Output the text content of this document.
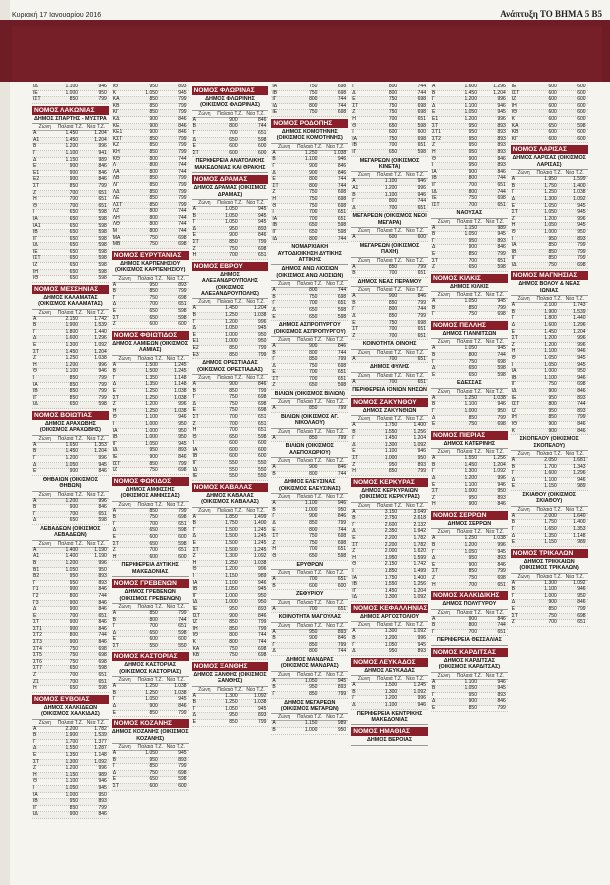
Κυριακή 17 Ιανουαρίου 2016	Ανάπτυξη ΤΟ ΒΗΜΑ 5 B5
ΙΔ	1.100	946
ΙΕ	1.000	950
ΙΣΤ	850	799
ΝΟΜΟΣ ΛΑΚΩΝΙΑΣ
ΔΗΜΟΣ ΣΠΑΡΤΗΣ - ΜΥΣΤΡΑ
Ζώνη	Παλαιά Τ.Ζ. Νέα Τ.Ζ.
Α	1.450	1.204
Α1	1.450	1.204
Β	1.200	996
Γ	1.100	941
Δ	1.150	989
Ε	900	846
Ε1	900	846
Ε2	900	846
ΣΤ	850	799
Ζ	700	651
Η	700	651
Θ	700	651
Ι	650	598
ΙΑ	650	598
ΙΑ1	650	598
ΙΒ	650	598
ΙΓ	650	598
ΙΔ	650	598
ΙΕ	650	598
ΙΣΤ	650	598
ΙΖ	650	598
ΙΗ	650	598
ΙΘ	650	598
ΝΟΜΟΣ ΜΕΣΣΗΝΙΑΣ
ΔΗΜΟΣ ΚΑΛΑΜΑΤΑΣ (ΟΙΚΙΣΜΟΣ ΚΑΛΑΜΑΤΑΣ)
Ζώνη	Παλαιά Τ.Ζ. Νέα Τ.Ζ.
Α	2.150	1.742
Β	1.900	1.539
Γ	1.800	1.440
Δ	1.600	1.296
Ε	1.300	1.092
ΣΤ	1.450	1.204
Ζ	1.250	1.038
Η	1.200	996
Θ	1.100	946
Ι	850	799
ΙΑ	850	799
ΙΒ	850	799
ΙΓ	850	799
ΙΔ	650	598
ΝΟΜΟΣ ΒΟΙΩΤΙΑΣ
ΔΗΜΟΣ ΑΡΑΧΩΒΗΣ (ΟΙΚΙΣΜΟΣ ΑΡΑΧΩΒΗΣ)
Ζώνη	Παλαιά Τ.Ζ. Νέα Τ.Ζ.
Α	1.650	1.353
Β	1.450	1.204
Γ	1.200	996
Δ	1.050	945
Ε	900	846
ΘΗΒΑΙΩΝ (ΟΙΚΙΣΜΟΣ ΘΗΒΩΝ)
Ζώνη	Παλαιά Τ.Ζ. Νέα Τ.Ζ.
Α	1.200	996
Β	900	846
Γ	700	651
Δ	650	598
ΛΕΒΑΔΕΩΝ (ΟΙΚΙΣΜΟΣ ΛΕΒΑΔΕΩΝ)
Ζώνη	Παλαιά Τ.Ζ. Νέα Τ.Ζ.
Α	1.400	1.190
Α1	1.400	1.190
Β	1.200	996
Β1	1.050	950
Β2	950	893
Γ	950	893
Γ1	900	846
Γ2	800	744
Γ3	900	846
Δ	900	846
Ε	700	651
ΣΤ	900	846
ΣΤ1	900	846
ΣΤ2	800	744
ΣΤ3	900	846
ΣΤ4	750	698
ΣΤ5	750	698
ΣΤ6	750	698
ΣΤ7	650	598
Ζ	700	651
Ζ1	700	651
Η	650	598
ΝΟΜΟΣ ΕΥΒΟΙΑΣ
ΔΗΜΟΣ ΧΑΛΚΙΔΕΩΝ (ΟΙΚΙΣΜΟΣ ΧΑΛΚΙΔΑΣ)
Ζώνη	Παλαιά Τ.Ζ. Νέα Τ.Ζ.
Α	2.200	1.782
Β	1.900	1.539
Γ	1.700	1.377
Δ	1.550	1.287
Ε	1.350	1.148
ΣΤ	1.300	1.092
Ζ	1.200	996
Η	1.150	989
Θ	1.100	946
Ι	1.050	945
ΙΑ	1.000	950
ΙΒ	950	893
ΙΓ	850	799
ΙΔ	900	846
ΙΘ	950	893
Κ	1.050	945
ΚΑ	850	799
ΚΒ	850	799
ΚΓ	850	799
ΚΔ	900	846
ΚΕ	900	846
ΚΕ1	900	846
ΚΣΤ	850	799
ΚΖ	850	799
ΚΗ	850	799
ΚΘ	800	744
Λ	800	744
ΛΑ	800	744
ΛΒ	850	799
ΛΓ	850	799
ΛΔ	850	799
ΛΕ	850	799
ΛΣΤ	850	799
ΛΖ	800	744
ΛΗ	800	744
ΛΘ	800	744
Μ	800	744
ΜΑ	750	698
ΜΒ	750	698
ΝΟΜΟΣ ΕΥΡΥΤΑΝΙΑΣ
ΔΗΜΟΣ ΚΑΡΠΕΝΗΣΙΟΥ (ΟΙΚΙΣΜΟΣ ΚΑΡΠΕΝΗΣΙΟΥ)
Ζώνη	Παλαιά Τ.Ζ. Νέα Τ.Ζ.
Α	950	893
Β	850	799
Γ	750	698
Δ	700	651
Ε	650	598
ΣΤ	650	598
Ζ	600	600
ΝΟΜΟΣ ΦΘΙΩΤΙΔΟΣ
ΔΗΜΟΣ ΛΑΜΙΕΩΝ (ΟΙΚΙΣΜΟΣ ΛΑΜΙΑΣ)
Ζώνη	Παλαιά Τ.Ζ. Νέα Τ.Ζ.
Α	1.500	1.245
Β	1.500	1.245
Γ	1.350	1.148
Δ	1.350	1.148
Ε	1.250	1.038
ΣΤ	1.250	1.038
Ζ	1.200	996
Η	1.250	1.038
Θ	1.100	946
Ι	1.000	950
ΙΑ	1.000	950
ΙΒ	1.000	950
ΙΓ	1.050	945
ΙΔ	950	893
ΙΕ	900	846
ΙΣΤ	850	799
ΙΖ	750	698
ΝΟΜΟΣ ΦΩΚΙΔΟΣ
ΔΗΜΟΣ ΑΜΦΙΣΣΗΣ (ΟΙΚΙΣΜΟΣ ΑΜΦΙΣΣΑΣ)
Ζώνη	Παλαιά Τ.Ζ. Νέα Τ.Ζ.
Α	850	799
Β	750	698
Γ	700	651
Δ	650	598
Ε	600	600
ΣΤ	650	598
Ζ	700	651
Η	600	600
ΠΕΡΙΦΕΡΕΙΑ ΔΥΤΙΚΗΣ ΜΑΚΕΔΟΝΙΑΣ
ΝΟΜΟΣ ΓΡΕΒΕΝΩΝ
ΔΗΜΟΣ ΓΡΕΒΕΝΩΝ (ΟΙΚΙΣΜΟΣ ΓΡΕΒΕΝΩΝ)
Ζώνη	Παλαιά Τ.Ζ. Νέα Τ.Ζ.
Α	850	799
Β	800	744
Γ	700	651
Δ	650	598
Ε	600	600
ΣΤ	550	550
ΝΟΜΟΣ ΚΑΣΤΟΡΙΑΣ
ΔΗΜΟΣ ΚΑΣΤΟΡΙΑΣ (ΟΙΚΙΣΜΟΣ ΚΑΣΤΟΡΙΑΣ)
Ζώνη	Παλαιά Τ.Ζ. Νέα Τ.Ζ.
Α	1.250	1.038
Β	1.250	1.038
Γ	1.050	945
Δ	900	846
Ε	850	799
ΝΟΜΟΣ ΚΟΖΑΝΗΣ
ΔΗΜΟΣ ΚΟΖΑΝΗΣ (ΟΙΚΙΣΜΟΣ ΚΟΖΑΝΗΣ)
Ζώνη	Παλαιά Τ.Ζ. Νέα Τ.Ζ.
Α	1.050	945
Β	950	893
Γ	850	799
Δ	750	698
Ε	650	598
ΣΤ	600	600
ΝΟΜΟΣ ΦΛΩΡΙΝΑΣ
ΔΗΜΟΣ ΦΛΩΡΙΝΗΣ (ΟΙΚΙΣΜΟΣ ΦΛΩΡΙΝΑΣ)
Ζώνη	Παλαιά Τ.Ζ. Νέα Τ.Ζ.
Α	900	846
Β	800	744
Γ	700	651
Δ	650	598
Ε	600	600
ΣΤ	600	600
ΠΕΡΙΦΕΡΕΙΑ ΑΝΑΤΟΛΙΚΗΣ ΜΑΚΕΔΟΝΙΑΣ ΚΑΙ ΘΡΑΚΗΣ
ΝΟΜΟΣ ΔΡΑΜΑΣ
ΔΗΜΟΣ ΔΡΑΜΑΣ (ΟΙΚΙΣΜΟΣ ΔΡΑΜΑΣ)
Ζώνη	Παλαιά Τ.Ζ. Νέα Τ.Ζ.
Α	1.050	945
Β	1.050	945
Γ	1.050	945
Δ	950	893
Ε	900	846
ΣΤ	850	799
Ζ	750	698
Η	700	651
ΝΟΜΟΣ ΕΒΡΟΥ
ΔΗΜΟΣ ΑΛΕΞΑΝΔΡΟΥΠΟΛΗΣ (ΟΙΚΙΣΜΟΣ ΑΛΕΞΑΝΔΡΟΥΠΟΛΗΣ)
Ζώνη	Παλαιά Τ.Ζ. Νέα Τ.Ζ.
Α	1.450	1.204
Β	1.250	1.038
Γ	1.200	996
Δ	1.050	945
Ε	1.000	950
Ε1	1.000	950
Ε2	850	799
Ε3	850	799
ΔΗΜΟΣ ΟΡΕΣΤΙΑΔΑΣ (ΟΙΚΙΣΜΟΣ ΟΡΕΣΤΙΑΔΑΣ)
Ζώνη	Παλαιά Τ.Ζ. Νέα Τ.Ζ.
Α	900	846
Β	850	799
Γ	750	698
Δ	750	698
Ε	750	698
ΣΤ	700	651
Ζ	700	651
Η	700	651
Θ	650	598
Ι	600	600
ΙΑ	600	600
ΙΒ	600	600
ΙΓ	550	550
ΙΔ	550	550
ΙΕ	550	550
ΝΟΜΟΣ ΚΑΒΑΛΑΣ
ΔΗΜΟΣ ΚΑΒΑΛΑΣ (ΟΙΚΙΣΜΟΣ ΚΑΒΑΛΑΣ)
Ζώνη	Παλαιά Τ.Ζ. Νέα Τ.Ζ.
Α	1.850	1.499
Β	1.750	1.400
Γ	1.500	1.245
Δ	1.500	1.245
Ε	1.500	1.245
ΣΤ	1.500	1.245
Ζ	1.300	1.092
Η	1.250	1.038
Θ	1.200	996
Ι	1.150	989
ΙΑ	1.100	946
ΙΒ	1.050	945
ΙΓ	1.000	950
ΙΔ	1.000	950
ΙΕ	950	893
ΙΣΤ	900	846
ΙΖ	850	799
ΙΗ	850	799
ΙΘ	800	744
Κ	800	744
ΚΑ	750	698
ΚΒ	750	698
ΝΟΜΟΣ ΞΑΝΘΗΣ
ΔΗΜΟΣ ΞΑΝΘΗΣ (ΟΙΚΙΣΜΟΣ ΞΑΝΘΗΣ)
Ζώνη	Παλαιά Τ.Ζ. Νέα Τ.Ζ.
Α	1.300	1.092
Β	1.250	1.038
Γ	1.050	945
Δ	950	893
Ε	850	799
ΙΑ	750	698
ΙΒ	750	698
ΙΓ	800	744
ΙΔ	800	744
ΙΕ	750	698
ΝΟΜΟΣ ΡΟΔΟΠΗΣ
ΔΗΜΟΣ ΚΟΜΟΤΗΝΗΣ (ΟΙΚΙΣΜΟΣ ΚΟΜΟΤΗΝΗΣ)
Ζώνη	Παλαιά Τ.Ζ. Νέα Τ.Ζ.
Α	1.250	1.038
Β	1.100	946
Γ	900	846
Δ	900	846
Ε	800	744
ΣΤ	800	744
Ζ	750	698
Η	750	698
Θ	750	698
Ι	700	651
ΙΑ	700	651
ΙΒ	650	598
ΙΓ	650	598
ΙΔ	800	744
ΝΟΜΑΡΧΙΑΚΗ ΑΥΤΟΔΙΟΙΚΗΣΗ ΔΥΤΙΚΗΣ ΑΤΤΙΚΗΣ
ΔΗΜΟΣ ΑΝΩ ΛΙΟΣΙΩΝ (ΟΙΚΙΣΜΟΣ ΑΝΩ ΛΙΟΣΙΩΝ)
Ζώνη	Παλαιά Τ.Ζ. Νέα Τ.Ζ.
Α	800	744
Β	750	698
Γ	700	651
Δ	650	598
Ε	650	598
ΔΗΜΟΣ ΑΣΠΡΟΠΥΡΓΟΥ (ΟΙΚΙΣΜΟΣ ΑΣΠΡΟΠΥΡΓΟΥ)
Ζώνη	Παλαιά Τ.Ζ. Νέα Τ.Ζ.
Α	900	846
Β	800	744
Γ	850	799
Δ	750	698
Ε	700	651
ΣΤ	700	651
Ζ	650	598
ΒΙΛΙΩΝ (ΟΙΚΙΣΜΟΣ ΒΙΛΙΩΝ)
Ζώνη	Παλαιά Τ.Ζ. Νέα Τ.Ζ.
Α	850	799
ΒΙΛΙΩΝ (ΟΙΚΙΣΜΟΣ ΑΓ. ΝΙΚΟΛΑΟΥ)
Ζώνη	Παλαιά Τ.Ζ. Νέα Τ.Ζ.
Α	850	799
ΒΙΛΙΩΝ (ΟΙΚΙΣΜΟΣ ΑΛΕΠΟΧΩΡΙΟΥ)
Ζώνη	Παλαιά Τ.Ζ. Νέα Τ.Ζ.
Α	900	846
Β	800	744
ΔΗΜΟΣ ΕΛΕΥΣΙΝΑΣ (ΟΙΚΙΣΜΟΣ ΕΛΕΥΣΙΝΑΣ)
Ζώνη	Παλαιά Τ.Ζ. Νέα Τ.Ζ.
Α	1.100	946
Β	1.000	950
Γ	900	846
Δ	850	799
Ε	800	744
ΣΤ	750	698
Ζ	750	698
Η	700	651
Θ	650	598
ΕΡΥΘΡΩΝ
Ζώνη	Παλαιά Τ.Ζ. Νέα Τ.Ζ.
Α	700	651
Β	600	600
ΖΕΦΥΡΙΟΥ
Ζώνη	Παλαιά Τ.Ζ. Νέα Τ.Ζ.
Α	700	651
ΚΟΙΝΟΤΗΤΑ ΜΑΓΟΥΛΑΣ
Ζώνη	Παλαιά Τ.Ζ. Νέα Τ.Ζ.
Α	950	893
Β	900	846
Γ	850	799
Δ	800	744
ΔΗΜΟΣ ΜΑΝΔΡΑΣ (ΟΙΚΙΣΜΟΣ ΜΑΝΔΡΑΣ)
Ζώνη	Παλαιά Τ.Ζ. Νέα Τ.Ζ.
Α	1.050	945
Β	950	893
Γ	850	799
ΔΗΜΟΣ ΜΕΓΑΡΕΩΝ (ΟΙΚΙΣΜΟΣ ΜΕΓΑΡΩΝ)
Ζώνη	Παλαιά Τ.Ζ. Νέα Τ.Ζ.
Α	1.150	989
Β	1.000	950
Γ	800	744
Δ	800	744
Ε	750	698
ΣΤ	750	698
Ζ	750	698
Η	700	651
Θ	650	598
Ι	600	600
ΙΑ	750	698
ΙΒ	700	651
ΙΓ	650	598
ΜΕΓΑΡΕΩΝ (ΟΙΚΙΣΜΟΣ ΚΙΝΕΤΑ)
Ζώνη	Παλαιά Τ.Ζ. Νέα Τ.Ζ.
Α	1.100	946
Α1	1.200	996
Β	1.100	946
Γ	800	744
Δ	700	651
ΜΕΓΑΡΕΩΝ (ΟΙΚΙΣΜΟΣ ΝΕΟΙ ΜΕΓΑΡΑ)
Ζώνη	Παλαιά Τ.Ζ. Νέα Τ.Ζ.
Α	600	600
ΜΕΓΑΡΕΩΝ (ΟΙΚΙΣΜΟΣ ΠΑΧΗ)
Ζώνη	Παλαιά Τ.Ζ. Νέα Τ.Ζ.
Α	850	799
Β	700	651
ΔΗΜΟΣ ΝΕΑΣ ΠΕΡΑΜΟΥ
Ζώνη	Παλαιά Τ.Ζ. Νέα Τ.Ζ.
Α	900	846
Β	850	799
Γ	800	744
Δ	850	799
Ε	750	698
ΣΤ	700	651
Ζ	700	651
ΚΟΙΝΟΤΗΤΑ ΟΙΝΟΗΣ
Ζώνη	Παλαιά Τ.Ζ. Νέα Τ.Ζ.
Α	700	651
ΔΗΜΟΣ ΦΥΛΗΣ
Ζώνη	Παλαιά Τ.Ζ. Νέα Τ.Ζ.
Α	700	651
ΠΕΡΙΦΕΡΕΙΑ ΙΟΝΙΩΝ ΝΗΣΩΝ
ΝΟΜΟΣ ΖΑΚΥΝΘΟΥ
ΔΗΜΟΣ ΖΑΚΥΝΘΙΩΝ
Ζώνη	Παλαιά Τ.Ζ. Νέα Τ.Ζ.
Α	1.750	1.400
Β	1.550	1.256
Γ	1.450	1.204
Δ	1.300	1.092
Ε	1.100	946
ΣΤ	1.000	950
Ζ	950	893
Η	850	799
ΝΟΜΟΣ ΚΕΡΚΥΡΑΣ
ΔΗΜΟΣ ΚΕΡΚΥΡΑΙΩΝ (ΟΙΚΙΣΜΟΣ ΚΕΡΚΥΡΑΣ)
Ζώνη	Παλαιά Τ.Ζ. Νέα Τ.Ζ.
Α	3.150	3.049
Β	2.750	2.618
Γ	2.600	2.132
Δ	2.350	1.942
Ε	2.200	1.782
ΣΤ	2.200	1.782
Ζ	2.000	1.620
Η	1.950	1.599
Θ	2.150	1.742
Ι	1.850	1.499
ΙΑ	1.750	1.400
ΙΒ	1.550	1.256
ΙΓ	1.450	1.204
ΙΔ	1.300	1.092
ΝΟΜΟΣ ΚΕΦΑΛΛΗΝΙΑΣ
ΔΗΜΟΣ ΑΡΓΟΣΤΟΛΙΟΥ
Ζώνη	Παλαιά Τ.Ζ. Νέα Τ.Ζ.
Α	1.300	1.092
Β	1.200	996
Γ	1.050	945
Δ	950	893
ΝΟΜΟΣ ΛΕΥΚΑΔΟΣ
ΔΗΜΟΣ ΛΕΥΚΑΔΑΣ
Ζώνη	Παλαιά Τ.Ζ. Νέα Τ.Ζ.
Α	1.500	1.245
Β	1.300	1.092
Γ	1.200	996
Δ	1.100	946
ΠΕΡΙΦΕΡΕΙΑ ΚΕΝΤΡΙΚΗΣ ΜΑΚΕΔΟΝΙΑΣ
ΝΟΜΟΣ ΗΜΑΘΙΑΣ
ΔΗΜΟΣ ΒΕΡΟΙΑΣ
Α	1.600	1.296
Β	1.450	1.204
Γ	1.200	996
Δ	1.100	946
Ε	1.050	945
Ε1	1.200	996
ΣΤ	950	893
ΣΤ1	950	893
ΣΤ2	950	893
Ζ	950	893
Η	950	893
Θ	900	846
Ι	950	893
ΙΑ	900	846
ΙΒ	800	744
ΙΓ	700	651
ΙΔ	800	744
ΙΕ	750	698
ΙΣΤ	700	651
ΝΑΟΥΣΑΣ
Ζώνη	Παλαιά Τ.Ζ. Νέα Τ.Ζ.
Α	1.150	989
Β	1.050	945
Γ	950	893
Δ	900	846
Ε	850	799
ΣΤ	700	651
Ζ	650	598
ΝΟΜΟΣ ΚΙΛΚΙΣ
ΔΗΜΟΣ ΚΙΛΚΙΣ
Ζώνη	Παλαιά Τ.Ζ. Νέα Τ.Ζ.
Α	1.050	945
Β	850	799
Γ	750	698
ΝΟΜΟΣ ΠΕΛΛΗΣ
ΔΗΜΟΣ ΓΙΑΝΝΙΤΣΩΝ
Ζώνη	Παλαιά Τ.Ζ. Νέα Τ.Ζ.
Α	1.050	945
Β	800	744
Γ	750	698
Δ	650	598
Ε	650	598
ΕΔΕΣΣΑΣ
Ζώνη	Παλαιά Τ.Ζ. Νέα Τ.Ζ.
Α	1.250	1.038
Β	1.100	946
Γ	1.000	950
Δ	850	799
Ε	750	698
ΝΟΜΟΣ ΠΙΕΡΙΑΣ
ΔΗΜΟΣ ΚΑΤΕΡΙΝΗΣ
Ζώνη	Παλαιά Τ.Ζ. Νέα Τ.Ζ.
Α	1.550	1.256
Β	1.450	1.204
Γ	1.300	1.092
Δ	1.200	996
Ε	1.100	946
ΣΤ	1.000	950
Ζ	950	893
Η	900	846
ΝΟΜΟΣ ΣΕΡΡΩΝ
ΔΗΜΟΣ ΣΕΡΡΩΝ
Ζώνη	Παλαιά Τ.Ζ. Νέα Τ.Ζ.
Α	1.250	1.038
Β	1.200	996
Γ	1.050	945
Δ	950	893
Ε	900	846
ΣΤ	850	799
Ζ	750	698
Η	700	651
ΝΟΜΟΣ ΧΑΛΚΙΔΙΚΗΣ
ΔΗΜΟΣ ΠΟΛΥΓΥΡΟΥ
Ζώνη	Παλαιά Τ.Ζ. Νέα Τ.Ζ.
Α	900	846
Β	800	744
Γ	700	651
ΠΕΡΙΦΕΡΕΙΑ ΘΕΣΣΑΛΙΑΣ
ΝΟΜΟΣ ΚΑΡΔΙΤΣΑΣ
ΔΗΜΟΣ ΚΑΡΔΙΤΣΑΣ (ΟΙΚΙΣΜΟΣ ΚΑΡΔΙΤΣΑΣ)
Ζώνη	Παλαιά Τ.Ζ. Νέα Τ.Ζ.
Α	1.100	946
Β	1.050	945
Γ	950	893
Δ	900	846
Ε	850	799
ΙΕ	600	600
ΙΣΤ	600	600
ΙΖ	600	600
ΙΗ	600	600
ΙΘ	600	600
Κ	600	600
ΚΑ	650	598
ΚΒ	600	600
ΚΓ	600	600
ΝΟΜΟΣ ΛΑΡΙΣΑΣ
ΔΗΜΟΣ ΛΑΡΙΣΑΣ (ΟΙΚΙΣΜΟΣ ΛΑΡΙΣΑΣ)
Ζώνη	Παλαιά Τ.Ζ. Νέα Τ.Ζ.
Α	1.950	1.599
Β	1.750	1.400
Γ	1.250	1.038
Δ	1.300	1.092
Ε	1.050	945
ΣΤ	1.050	945
Ζ	1.200	996
Η	1.050	945
Θ	1.000	950
Ι	950	893
ΙΑ	850	799
ΙΒ	850	799
ΙΓ	850	799
ΙΔ	750	698
ΝΟΜΟΣ ΜΑΓΝΗΣΙΑΣ
ΔΗΜΟΣ ΒΟΛΟΥ & ΝΕΑΣ ΙΩΝΙΑΣ
Ζώνη	Παλαιά Τ.Ζ. Νέα Τ.Ζ.
Α	2.100	1.743
Β	1.900	1.539
Γ	1.800	1.440
Δ	1.600	1.296
Ε	1.450	1.204
ΣΤ	1.200	996
Ζ	1.200	996
Η	1.100	946
Θ	1.050	945
Ι	1.050	945
ΙΑ	1.000	950
ΙΒ	1.100	946
ΙΓ	750	698
ΙΔ	900	846
ΙΕ	950	893
ΙΣΤ	800	744
ΙΖ	950	893
ΙΗ	850	799
ΙΘ	900	846
Κ	900	846
ΣΚΟΠΕΛΟΥ (ΟΙΚΙΣΜΟΣ ΣΚΟΠΕΛΟΥ)
Ζώνη	Παλαιά Τ.Ζ. Νέα Τ.Ζ.
Α	2.050	1.681
Β	1.700	1.343
Γ	1.600	1.296
Δ	1.100	946
Ε	1.150	989
ΣΚΙΑΘΟΥ (ΟΙΚΙΣΜΟΣ ΣΚΙΑΘΟΥ)
Ζώνη	Παλαιά Τ.Ζ. Νέα Τ.Ζ.
Α	2.000	1.640
Β	1.750	1.400
Γ	1.650	1.353
Δ	1.350	1.148
Ε	1.150	989
ΝΟΜΟΣ ΤΡΙΚΑΛΩΝ
ΔΗΜΟΣ ΤΡΙΚΚΑΙΩΝ (ΟΙΚΙΣΜΟΣ ΤΡΙΚΑΛΩΝ)
Ζώνη	Παλαιά Τ.Ζ. Νέα Τ.Ζ.
Α	1.300	1.092
Β	1.100	946
Γ	1.000	950
Δ	900	846
Ε	850	799
ΣΤ	750	698
Ζ	700	651
